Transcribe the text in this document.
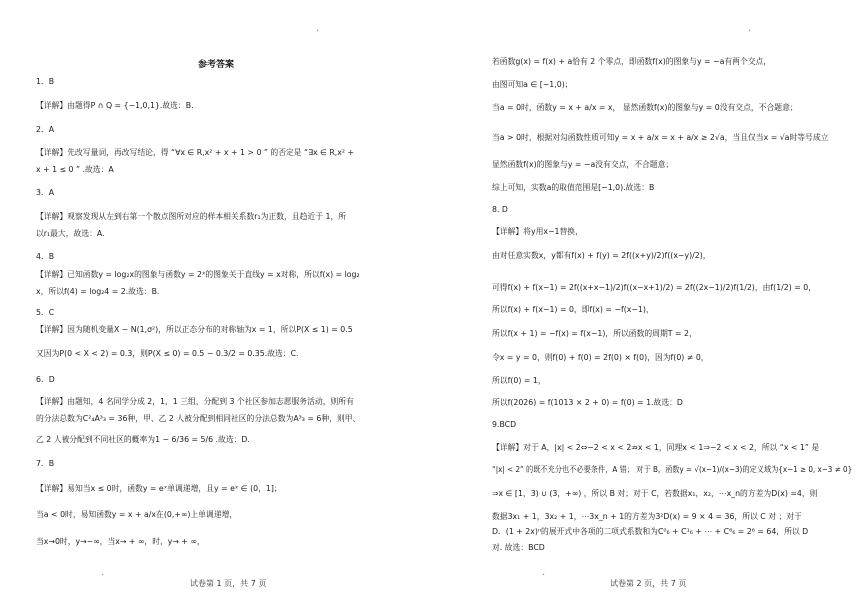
·
参考答案
1．B
【详解】由题得P ∩ Q = {−1,0,1}.故选：B.
2．A
【详解】先改写量词，再改写结论，得 “∀x ∈ R,x² + x + 1 > 0 ” 的否定是 “∃x ∈ R,x² +
x + 1 ≤ 0 ” .故选：A
3．A
【详解】观察发现从左到右第一个散点图所对应的样本相关系数r₁为正数，且趋近于 1，所
以r₁最大，故选：A.
4．B
【详解】已知函数y = log₂x的图象与函数y = 2ˣ的图象关于直线y = x对称，所以f(x) = log₂
x，所以f(4) = log₂4 = 2.故选：B.
5．C
【详解】因为随机变量X ~ N(1,σ²)，所以正态分布的对称轴为x = 1，所以P(X ≤ 1) = 0.5
又因为P(0 < X < 2) = 0.3，则P(X ≤ 0) = 0.5 − 0.3/2 = 0.35.故选：C.
6．D
【详解】由题知，4 名同学分成 2，1，1 三组，分配到 3 个社区参加志愿服务活动，则所有
的分法总数为C²₄A³₃ = 36种，甲、乙 2 人被分配到相同社区的分法总数为A³₃ = 6种，则甲、
乙 2 人被分配到不同社区的概率为1 − 6/36 = 5/6 .故选：D.
7．B
【详解】易知当x ≤ 0时，函数y = eˣ单调递增，且y = eˣ ∈ (0，1]；
当a < 0时，易知函数y = x + a/x在(0,+∞)上单调递增，
当x→0时，y→−∞，当x→ + ∞，时，y→ + ∞，
·
试卷第 1 页，共 7 页
·
若函数g(x) = f(x) + a恰有 2 个零点，即函数f(x)的图象与y = −a有两个交点，
由图可知a ∈ [−1,0)；
当a = 0时，函数y = x + a/x = x， 显然函数f(x)的图象与y = 0没有交点，不合题意；
当a > 0时，根据对勾函数性质可知y = x + a/x = x + a/x ≥ 2√a，当且仅当x = √a时等号成立
显然函数f(x)的图象与y = −a没有交点，不合题意；
综上可知，实数a的取值范围是[−1,0).故选：B
8. D
【详解】将y用x−1替换，
由对任意实数x，y都有f(x) + f(y) = 2f((x+y)/2)f((x−y)/2)，
可得f(x) + f(x−1) = 2f((x+x−1)/2)f((x−x+1)/2) = 2f((2x−1)/2)f(1/2)，由f(1/2) = 0，
所以f(x) + f(x−1) = 0，即f(x) = −f(x−1)，
所以f(x + 1) = −f(x) = f(x−1)，所以函数的周期T = 2，
令x = y = 0，则f(0) + f(0) = 2f(0) × f(0)，因为f(0) ≠ 0，
所以f(0) = 1，
所以f(2026) = f(1013 × 2 + 0) = f(0) = 1.故选：D
9.BCD
【详解】对于 A，|x| < 2⇔−2 < x < 2⇏x < 1，同理x < 1⇒−2 < x < 2，所以 “x < 1” 是
“|x| < 2” 的既不充分也不必要条件，A 错； 对于 B，函数y = √(x−1)/(x−3)的定义域为{x−1 ≥ 0, x−3 ≠ 0}
⇒x ∈ [1，3) ∪ (3，+∞) ，所以 B 对；对于 C，若数据x₁，x₂，⋯x_n的方差为D(x) =4，则
数据3x₁ + 1，3x₂ + 1，⋯3x_n + 1的方差为3²D(x) = 9 × 4 = 36，所以 C 对 ；对于
D．(1 + 2x)ⁿ的展开式中各项的二项式系数和为C⁰₆ + C¹₆ + ⋯ + C⁶₆ = 2⁶ = 64，所以 D
对. 故选：BCD
·
试卷第 2 页，共 7 页
